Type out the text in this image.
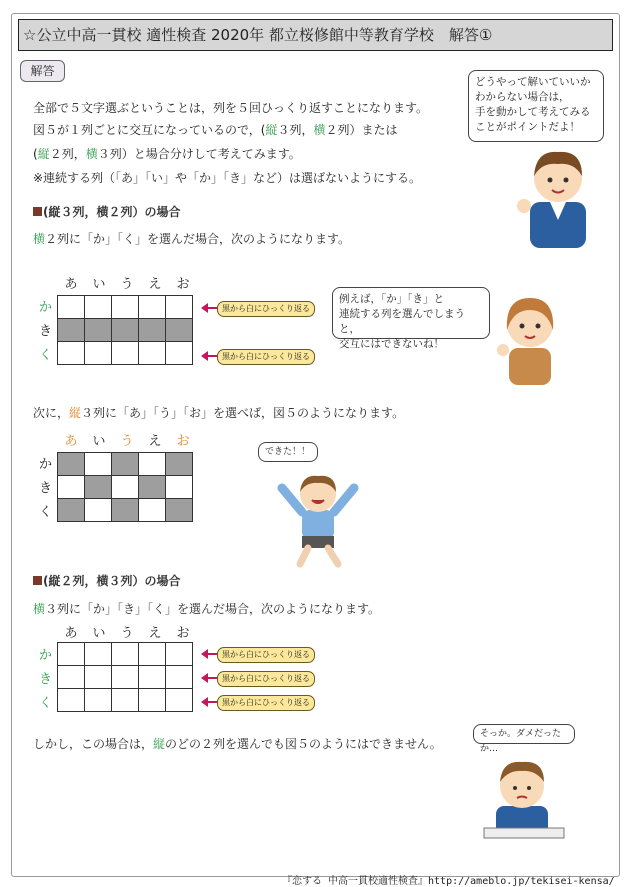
☆公立中高一貫校 適性検査 2020年 都立桜修館中等教育学校　解答①
解答
全部で５文字選ぶということは，列を５回ひっくり返すことになります。
図５が１列ごとに交互になっているので，(縦３列，横２列）または
(縦２列，横３列）と場合分けして考えてみます。
※連続する列（「あ」「い」や「か」「き」など）は選ばないようにする。
(縦３列，横２列）の場合
横２列に「か」「く」を選んだ場合，次のようになります。
あ い う え お
か
き
く

黒から白にひっくり返る
黒から白にひっくり返る
次に，縦３列に「あ」「う」「お」を選べば，図５のようになります。
あ い う え お
か
き
く

(縦２列，横３列）の場合
横３列に「か」「き」「く」を選んだ場合，次のようになります。
あ い う え お
か
き
く

黒から白にひっくり返る
黒から白にひっくり返る
黒から白にひっくり返る
しかし，この場合は，縦のどの２列を選んでも図５のようにはできません。
どうやって解いていいか
わからない場合は，
手を動かして考えてみる
ことがポイントだよ！
例えば，「か」「き」と
連続する列を選んでしまうと，
交互にはできないね！
できた！！
そっか。ダメだったか…
『恋する 中高一貫校適性検査』http://ameblo.jp/tekisei-kensa/
